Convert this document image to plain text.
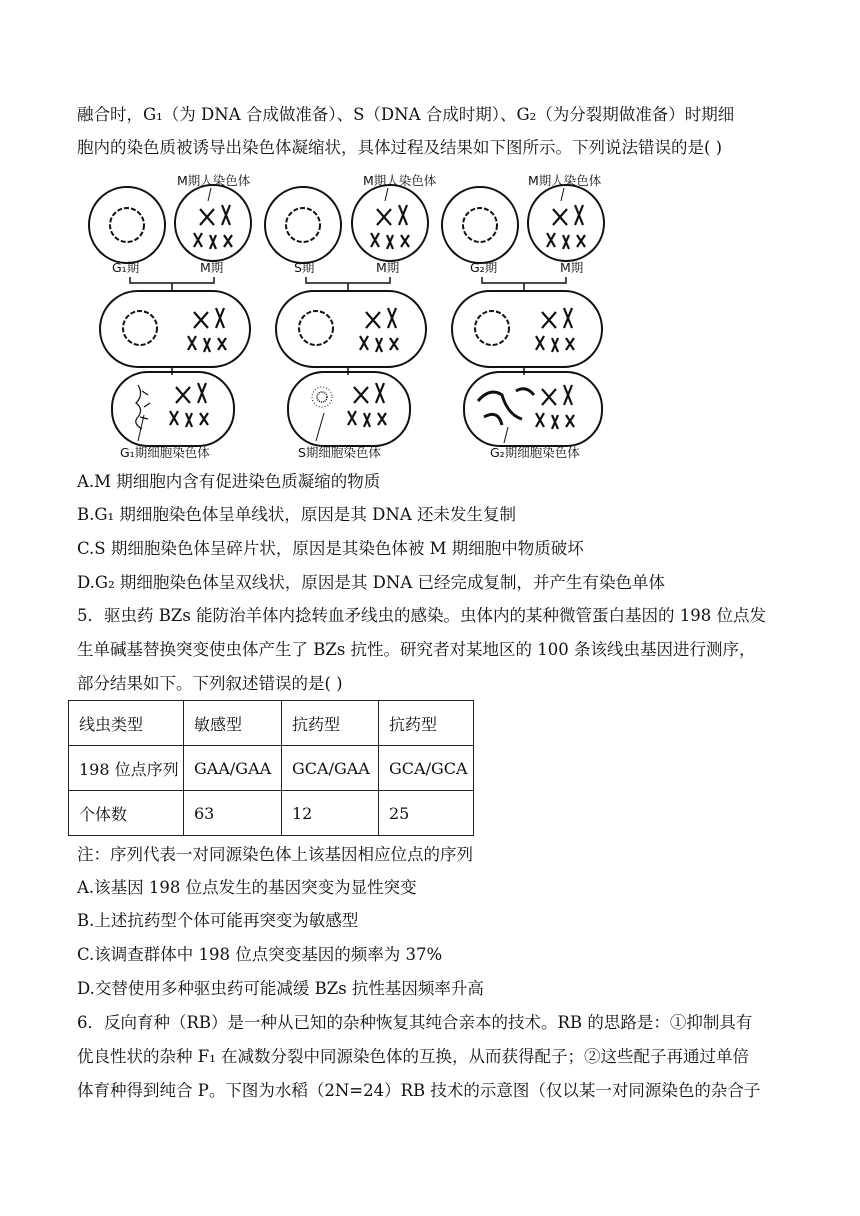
融合时，G₁（为 DNA 合成做准备）、S（DNA 合成时期）、G₂（为分裂期做准备）时期细
胞内的染色质被诱导出染色体凝缩状，具体过程及结果如下图所示。下列说法错误的是( )
M期人染色体
G₁期	M期
G₁期细胞染色体
M期人染色体
S期	M期
S期细胞染色体
M期人染色体
G₂期	M期
G₂期细胞染色体
A.M 期细胞内含有促进染色质凝缩的物质
B.G₁ 期细胞染色体呈单线状，原因是其 DNA 还未发生复制
C.S 期细胞染色体呈碎片状，原因是其染色体被 M 期细胞中物质破坏
D.G₂ 期细胞染色体呈双线状，原因是其 DNA 已经完成复制，并产生有染色单体
5．驱虫药 BZs 能防治羊体内捻转血矛线虫的感染。虫体内的某种微管蛋白基因的 198 位点发
生单碱基替换突变使虫体产生了 BZs 抗性。研究者对某地区的 100 条该线虫基因进行测序，
部分结果如下。下列叙述错误的是( )
线虫类型	敏感型	抗药型	抗药型
198 位点序列	GAA/GAA	GCA/GAA	GCA/GCA
个体数	63	12	25
注：序列代表一对同源染色体上该基因相应位点的序列
A.该基因 198 位点发生的基因突变为显性突变
B.上述抗药型个体可能再突变为敏感型
C.该调查群体中 198 位点突变基因的频率为 37%
D.交替使用多种驱虫药可能减缓 BZs 抗性基因频率升高
6．反向育种（RB）是一种从已知的杂种恢复其纯合亲本的技术。RB 的思路是：①抑制具有
优良性状的杂种 F₁ 在减数分裂中同源染色体的互换，从而获得配子；②这些配子再通过单倍
体育种得到纯合 P。下图为水稻（2N=24）RB 技术的示意图（仅以某一对同源染色的杂合子
